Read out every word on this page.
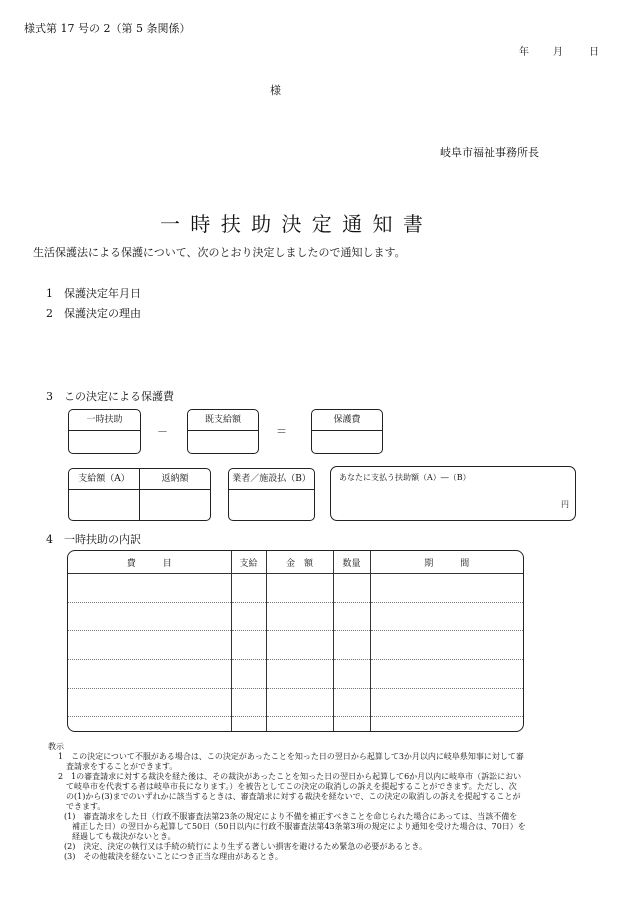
様式第 17 号の 2（第 5 条関係）
年 月	日
様
岐阜市福祉事務所長
一 時 扶 助 決 定 通 知 書
生活保護法による保護について、次のとおり決定しましたので通知します。
1　保護決定年月日
2　保護決定の理由
3　この決定による保護費
一時扶助
－
既支給額
＝
保護費
支給額（A）	返納額	業者／施設払（B）	あなたに支払う扶助額（A）―（B）
円
4　一時扶助の内訳
費　　　目	支給	金　額	数量	期　　　間

教示

1　この決定について不服がある場合は、この決定があったことを知った日の翌日から起算して3か月以内に岐阜県知事に対して審

　査請求をすることができます。

2　1の審査請求に対する裁決を経た後は、その裁決があったことを知った日の翌日から起算して6か月以内に岐阜市（訴訟におい

　て岐阜市を代表する者は岐阜市長になります。）を被告としてこの決定の取消しの訴えを提起することができます。ただし、次

　の(1)から(3)までのいずれかに該当するときは、審査請求に対する裁決を経ないで、この決定の取消しの訴えを提起することが

　できます。

(1)　審査請求をした日（行政不服審査法第23条の規定により不備を補正すべきことを命じられた場合にあっては、当該不備を

　補正した日）の翌日から起算して50日（50日以内に行政不服審査法第43条第3項の規定により通知を受けた場合は、70日）を

　経過しても裁決がないとき。

(2)　決定、決定の執行又は手続の続行により生ずる著しい損害を避けるため緊急の必要があるとき。

(3)　その他裁決を経ないことにつき正当な理由があるとき。
